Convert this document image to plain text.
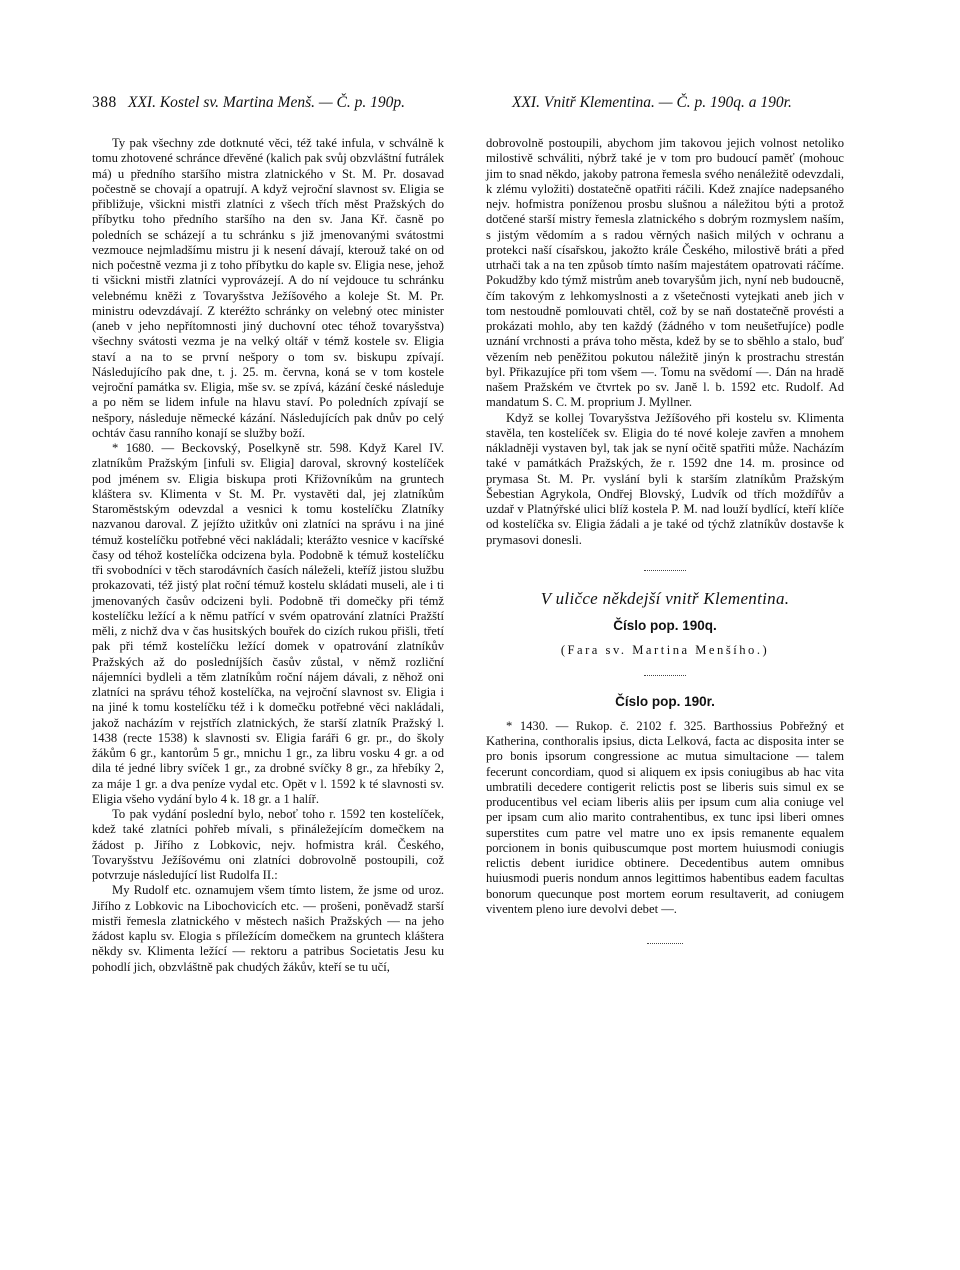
388 XXI. Kostel sv. Martina Menš. — Č. p. 190p.	XXI. Vnitř Klementina. — Č. p. 190q. a 190r.

Ty pak všechny zde dotknuté věci, též také infula, v schválně k tomu zhotovené schránce dřevěné (kalich pak svůj obzvláštní futrálek má) u předního staršího mistra zlatnického v St. M. Pr. dosavad počestně se chovají a opatrují. A když vejroční slavnost sv. Eligia se přibližuje, všickni mistři zlatníci z všech třích měst Pražských do příbytku toho předního staršího na den sv. Jana Kř. časně po poledních se scházejí a tu schránku s již jmenovanými svátostmi vezmouce nejmladšímu mistru ji k nesení dávají, kterouž také on od nich počestně vezma ji z toho příbytku do kaple sv. Eligia nese, jehož ti všickni mistři zlatníci vyprovázejí. A do ní vejdouce tu schránku velebnému kněži z Tovaryšstva Ježíšového a koleje St. M. Pr. ministru odevzdávají. Z kteréžto schránky on velebný otec minister (aneb v jeho nepřítomnosti jiný duchovní otec téhož tovaryšstva) všechny svátosti vezma je na velký oltář v témž kostele sv. Eligia staví a na to se první nešpory o tom sv. biskupu zpívají. Následujícího pak dne, t. j. 25. m. června, koná se v tom kostele vejroční památka sv. Eligia, mše sv. se zpívá, kázání české následuje a po něm se lidem infule na hlavu staví. Po poledních zpívají se nešpory, následuje německé kázání. Následujících pak dnův po celý ochtáv času ranního konají se služby boží.

* 1680. — Beckovský, Poselkyně str. 598. Když Karel IV. zlatníkům Pražským [infuli sv. Eligia] daroval, skrovný kostelíček pod jménem sv. Eligia biskupa proti Křižovníkům na gruntech kláštera sv. Klimenta v St. M. Pr. vystavěti dal, jej zlatníkům Staroměstským odevzdal a vesnici k tomu kostelíčku Zlatníky nazvanou daroval. Z jejížto užitkův oni zlatníci na správu i na jiné témuž kostelíčku potřebné věci nakládali; kterážto vesnice v kacířské časy od téhož kostelíčka odcizena byla. Podobně k témuž kostelíčku tři svobodníci v těch starodávních časích náleželi, kteříž jistou službu prokazovati, též jistý plat roční témuž kostelu skládati museli, ale i ti jmenovaných časův odcizeni byli. Podobně tři domečky při témž kostelíčku ležící a k němu patřící v svém opatrování zlatníci Pražští měli, z nichž dva v čas husitských bouřek do cizích rukou přišli, třetí pak při témž kostelíčku ležící domek v opatrování zlatníkův Pražských až do posledníjších časův zůstal, v němž rozliční nájemníci bydleli a těm zlatníkům roční nájem dávali, z něhož oni zlatníci na správu téhož kostelíčka, na vejroční slavnost sv. Eligia i na jiné k tomu kostelíčku též i k domečku potřebné věci nakládali, jakož nacházím v rejstřích zlatnických, že starší zlatník Pražský l. 1438 (recte 1538) k slavnosti sv. Eligia faráři 6 gr. pr., do školy žákům 6 gr., kantorům 5 gr., mnichu 1 gr., za libru vosku 4 gr. a od dila té jedné libry svíček 1 gr., za drobné svíčky 8 gr., za hřebíky 2, za máje 1 gr. a dva peníze vydal etc. Opět v l. 1592 k té slavnosti sv. Eligia všeho vydání bylo 4 k. 18 gr. a 1 halíř.

To pak vydání poslední bylo, neboť toho r. 1592 ten kostelíček, kdež také zlatníci pohřeb mívali, s přináležejícím domečkem na žádost p. Jiřího z Lobkovic, nejv. hofmistra král. Českého, Tovaryšstvu Ježíšovému oni zlatníci dobrovolně postoupili, což potvrzuje následující list Rudolfa II.:

My Rudolf etc. oznamujem všem tímto listem, že jsme od uroz. Jiřího z Lobkovic na Libochovicích etc. — prošeni, poněvadž starší mistři řemesla zlatnického v městech našich Pražských — na jeho žádost kaplu sv. Elogia s příležícím domečkem na gruntech kláštera někdy sv. Klimenta ležící — rektoru a patribus Societatis Jesu ku pohodlí jich, obzvláštně pak chudých žákův, kteří se tu učí,

dobrovolně postoupili, abychom jim takovou jejich volnost netoliko milostivě schváliti, nýbrž také je v tom pro budoucí paměť (mohouc jim to snad někdo, jakoby patrona řemesla svého nenáležitě odevzdali, k zlému vyložiti) dostatečně opatřiti ráčili. Kdež znajíce nadepsaného nejv. hofmistra poníženou prosbu slušnou a náležitou býti a protož dotčené starší mistry řemesla zlatnického s dobrým rozmyslem naším, s jistým vědomím a s radou věrných našich milých v ochranu a protekci naší císařskou, jakožto krále Českého, milostivě bráti a před utrhači tak a na ten způsob tímto naším majestátem opatrovati ráčíme. Pokudžby kdo týmž mistrům aneb tovaryšům jich, nyní neb budoucně, čím takovým z lehkomyslnosti a z všetečnosti vytejkati aneb jich v tom nestoudně pomlouvati chtěl, což by se naň dostatečně provésti a prokázati mohlo, aby ten každý (žádného v tom neušetřujíce) podle uznání vrchnosti a práva toho města, kdež by se to sběhlo a stalo, buď vězením neb peněžitou pokutou náležitě jinýn k prostrachu strestán byl. Přikazujíce při tom všem —. Tomu na svědomí —. Dán na hradě našem Pražském ve čtvrtek po sv. Janě l. b. 1592 etc. Rudolf. Ad mandatum S. C. M. proprium J. Myllner.

Když se kollej Tovaryšstva Ježíšového při kostelu sv. Klimenta stavěla, ten kostelíček sv. Eligia do té nové koleje zavřen a mnohem nákladněji vystaven byl, tak jak se nyní očitě spatřiti může. Nacházím také v památkách Pražských, že r. 1592 dne 14. m. prosince od prymasa St. M. Pr. vyslání byli k starším zlatníkům Pražským Šebestian Agrykola, Ondřej Blovský, Ludvík od třích moždířův a uzdař v Platnýřské ulici blíž kostela P. M. nad louží bydlící, kteří klíče od kostelíčka sv. Eligia žádali a je také od týchž zlatníkův dostavše k prymasovi donesli.

V uličce někdejší vnitř Klementina.
Číslo pop. 190q.
(Fara sv. Martina Menšího.)
Číslo pop. 190r.

* 1430. — Rukop. č. 2102 f. 325. Barthossius Pobřežný et Katherina, conthoralis ipsius, dicta Lelková, facta ac disposita inter se pro bonis ipsorum congressione ac mutua simultacione — talem fecerunt concordiam, quod si aliquem ex ipsis coniugibus ab hac vita umbratili decedere contigerit relictis post se liberis suis simul ex se producentibus vel eciam liberis aliis per ipsum cum alia coniuge vel per ipsam cum alio marito contrahentibus, ex tunc ipsi liberi omnes superstites cum patre vel matre uno ex ipsis remanente equalem porcionem in bonis quibuscumque post mortem huiusmodi coniugis relictis debent iuridice obtinere. Decedentibus autem omnibus huiusmodi pueris nondum annos legittimos habentibus eadem facultas bonorum quecunque post mortem eorum resultaverit, ad coniugem viventem pleno iure devolvi debet —.
